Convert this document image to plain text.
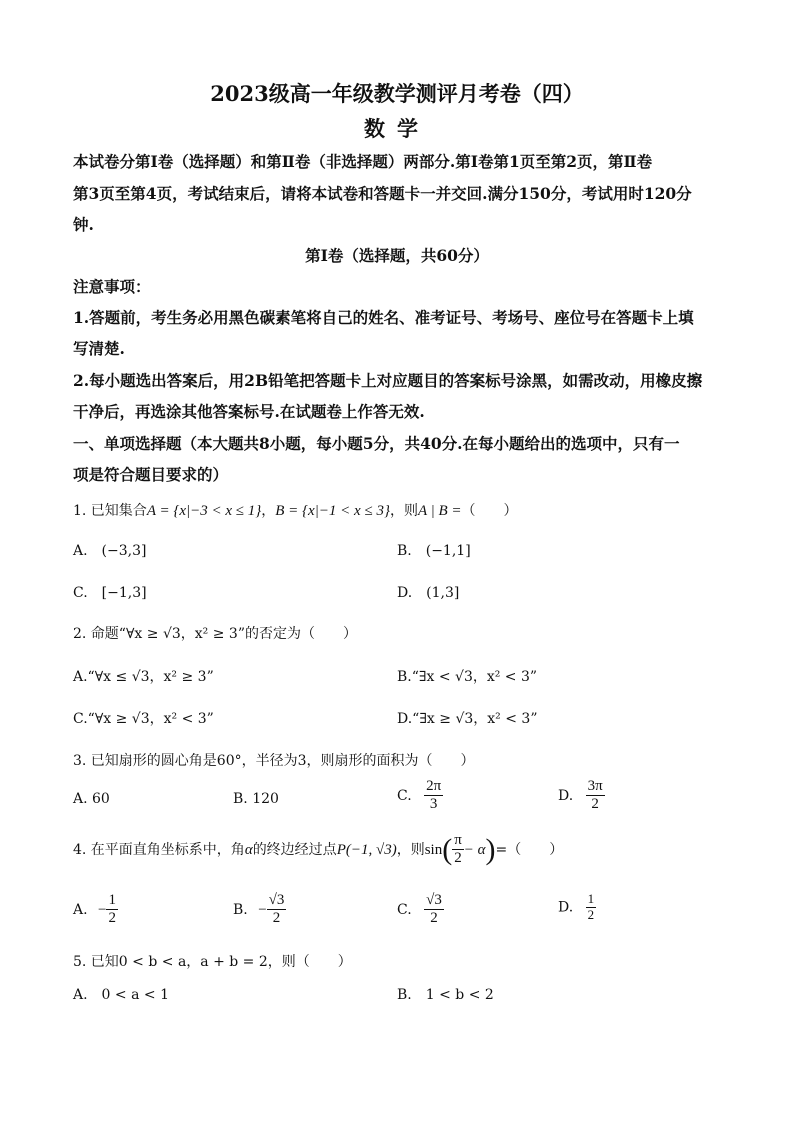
2023级高一年级教学测评月考卷（四）
数学
本试卷分第Ⅰ卷（选择题）和第Ⅱ卷（非选择题）两部分.第Ⅰ卷第1页至第2页，第Ⅱ卷
第3页至第4页，考试结束后，请将本试卷和答题卡一并交回.满分150分，考试用时120分
钟.
第Ⅰ卷（选择题，共60分）
注意事项：
1.答题前，考生务必用黑色碳素笔将自己的姓名、准考证号、考场号、座位号在答题卡上填
写清楚.
2.每小题选出答案后，用2B铅笔把答题卡上对应题目的答案标号涂黑，如需改动，用橡皮擦
干净后，再选涂其他答案标号.在试题卷上作答无效.
一、单项选择题（本大题共8小题，每小题5分，共40分.在每小题给出的选项中，只有一
项是符合题目要求的）
1. 已知集合A = {x|−3 < x ≤ 1}，B = {x|−1 < x ≤ 3}，则A | B =（　　）
A.　(−3,3]	B.　(−1,1]
C.　[−1,3]	D.　(1,3]
2. 命题“∀x ≥ √3，x² ≥ 3”的否定为（　　）
A.“∀x ≤ √3，x² ≥ 3”	B.“∃x < √3，x² < 3”
C.“∀x ≥ √3，x² < 3”	D.“∃x ≥ √3，x² < 3”
3. 已知扇形的圆心角是60°，半径为3，则扇形的面积为（　　）
A. 60	B. 120	C. $\frac{2\pi}{3}$	D. $\frac{3\pi}{2}$
4. 在平面直角坐标系中，角α的终边经过点P(−1, √3)，则$\sin( \frac{\pi}{2} - \alpha)=$（　　）
A. − $\frac{1}{2}$	B. − $\frac{√3}{2}$	C. $\frac{√3}{2}$	D. $\frac{1}{2}$
5. 已知0 < b < a，a + b = 2，则（　　）
A.　0 < a < 1	B.　1 < b < 2
